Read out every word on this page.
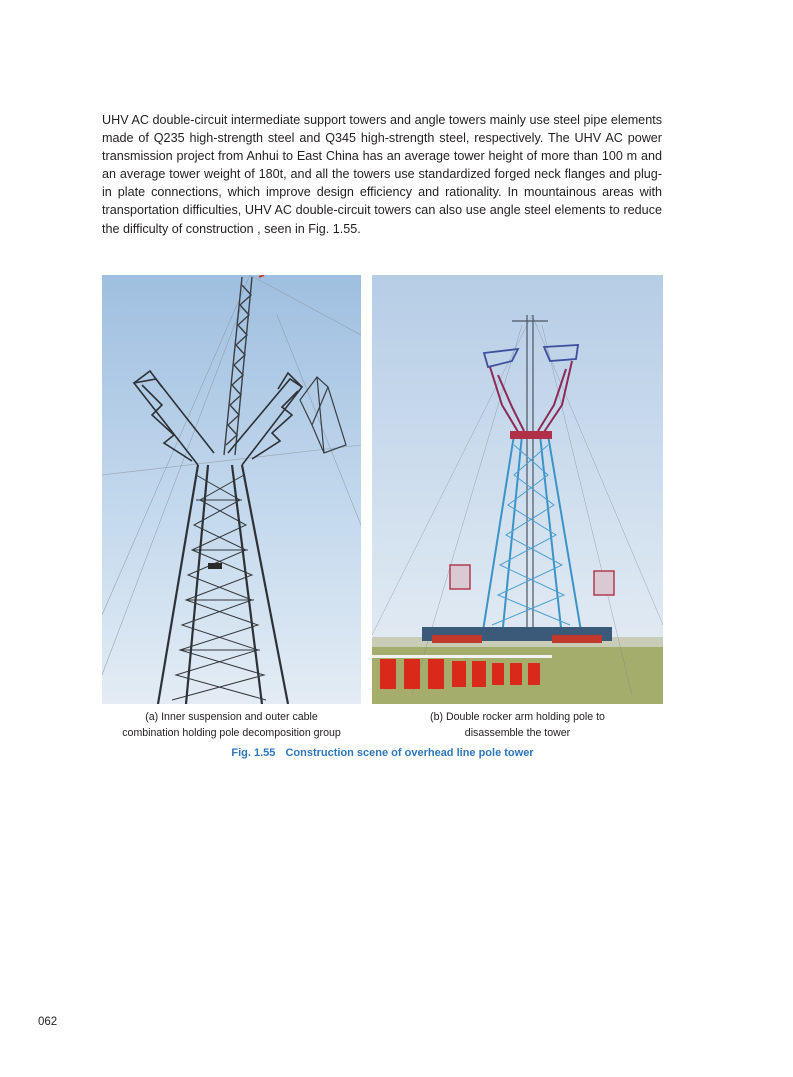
UHV AC double-circuit intermediate support towers and angle towers mainly use steel pipe elements made of Q235 high-strength steel and Q345 high-strength steel, respectively. The UHV AC power transmission project from Anhui to East China has an average tower height of more than 100 m and an average tower weight of 180t, and all the towers use standardized forged neck flanges and plug-in plate connections, which improve design efficiency and rationality. In mountainous areas with transportation difficulties, UHV AC double-circuit towers can also use angle steel elements to reduce the difficulty of construction , seen in Fig. 1.55.
(a) Inner suspension and outer cable
combination holding pole decomposition group
(b) Double rocker arm holding pole to
disassemble the tower
Fig. 1.55 Construction scene of overhead line pole tower
062
